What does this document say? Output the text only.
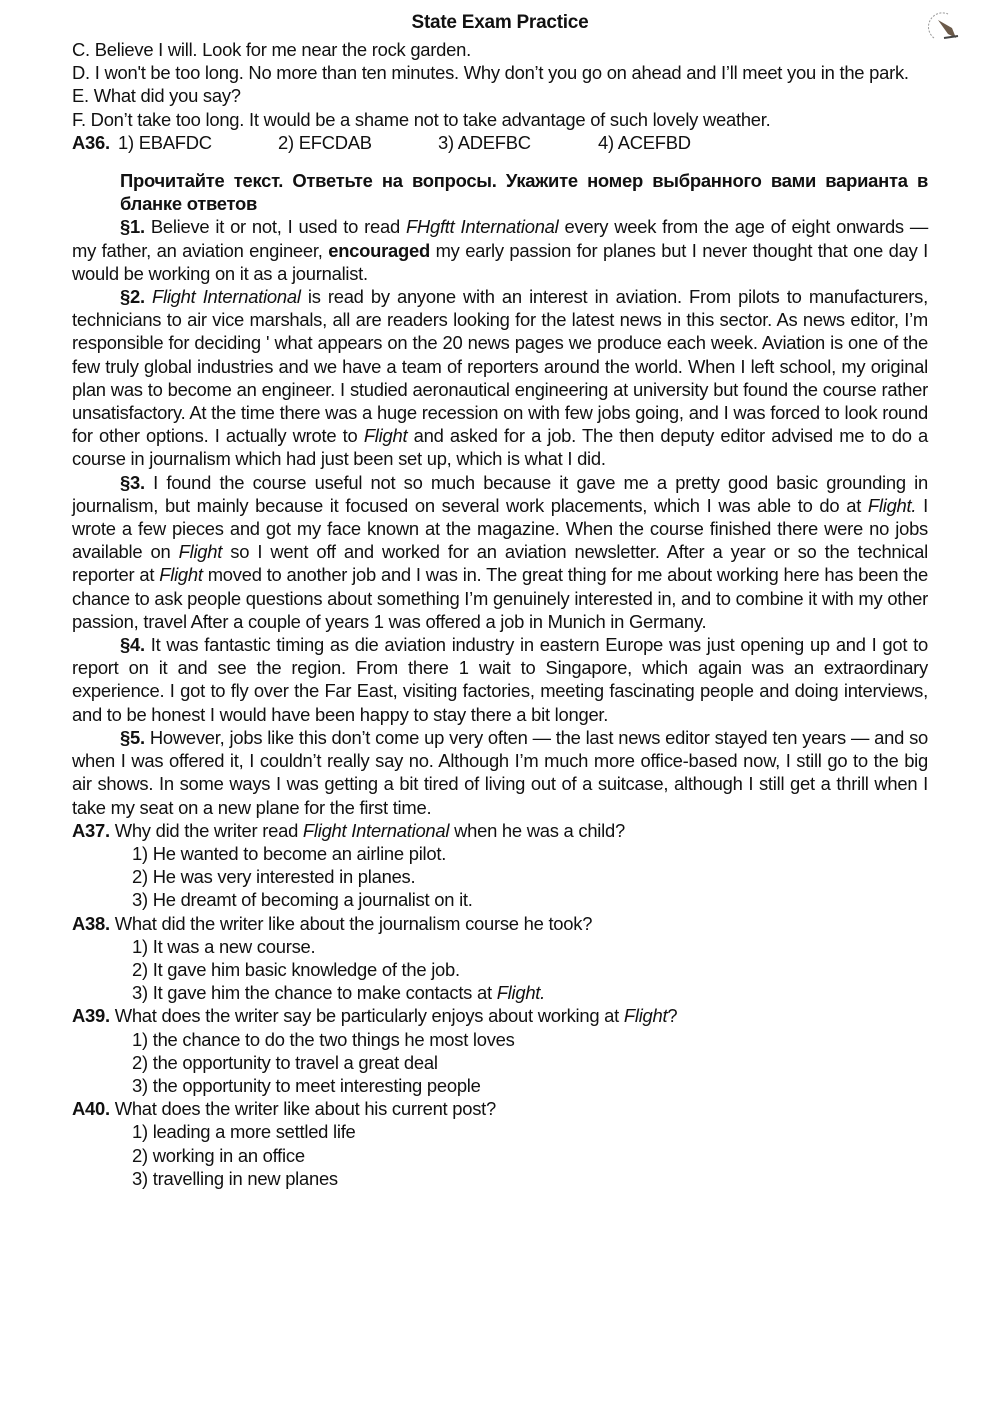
State Exam Practice
C. Believe I will. Look for me near the rock garden.
D. I won't be too long. No more than ten minutes. Why don’t you go on ahead and I’ll meet you in the park.
E. What did you say?
F. Don’t take too long. It would be a shame not to take advantage of such lovely weather.
A36. 1) EBAFDC	2) EFCDAB	3) ADEFBC	4) ACEFBD
Прочитайте текст. Ответьте на вопросы. Укажите номер выбранного вами варианта в бланке ответов
§1. Believe it or not, I used to read FHgftt International every week from the age of eight onwards — my father, an aviation engineer, encouraged my early passion for planes but I never thought that one day I would be working on it as a journalist.
§2. Flight International is read by anyone with an interest in aviation. From pilots to manufacturers, technicians to air vice marshals, all are readers looking for the latest news in this sector. As news editor, I’m responsible for deciding ' what appears on the 20 news pages we produce each week. Aviation is one of the few truly global industries and we have a team of reporters around the world. When I left school, my original plan was to become an engineer. I studied aeronautical engineering at university but found the course rather unsatisfactory. At the time there was a huge recession on with few jobs going, and I was forced to look round for other options. I actually wrote to Flight and asked for a job. The then deputy editor advised me to do a course in journalism which had just been set up, which is what I did.
§3. I found the course useful not so much because it gave me a pretty good basic grounding in journalism, but mainly because it focused on several work placements, which I was able to do at Flight. I wrote a few pieces and got my face known at the magazine. When the course finished there were no jobs available on Flight so I went off and worked for an aviation newsletter. After a year or so the technical reporter at Flight moved to another job and I was in. The great thing for me about working here has been the chance to ask people questions about something I’m genuinely interested in, and to combine it with my other passion, travel After a couple of years 1 was offered a job in Munich in Germany.
§4. It was fantastic timing as die aviation industry in eastern Europe was just opening up and I got to report on it and see the region. From there 1 wait to Singapore, which again was an extraordinary experience. I got to fly over the Far East, visiting factories, meeting fascinating people and doing interviews, and to be honest I would have been happy to stay there a bit longer.
§5. However, jobs like this don’t come up very often — the last news editor stayed ten years — and so when I was offered it, I couldn’t really say no. Although I’m much more office-based now, I still go to the big air shows. In some ways I was getting a bit tired of living out of a suitcase, although I still get a thrill when I take my seat on a new plane for the first time.
A37. Why did the writer read Flight International when he was a child?
1) He wanted to become an airline pilot.
2) He was very interested in planes.
3) He dreamt of becoming a journalist on it.
A38. What did the writer like about the journalism course he took?
1) It was a new course.
2) It gave him basic knowledge of the job.
3) It gave him the chance to make contacts at Flight.
A39. What does the writer say be particularly enjoys about working at Flight?
1) the chance to do the two things he most loves
2) the opportunity to travel a great deal
3) the opportunity to meet interesting people
A40. What does the writer like about his current post?
1) leading a more settled life
2) working in an office
3) travelling in new planes
